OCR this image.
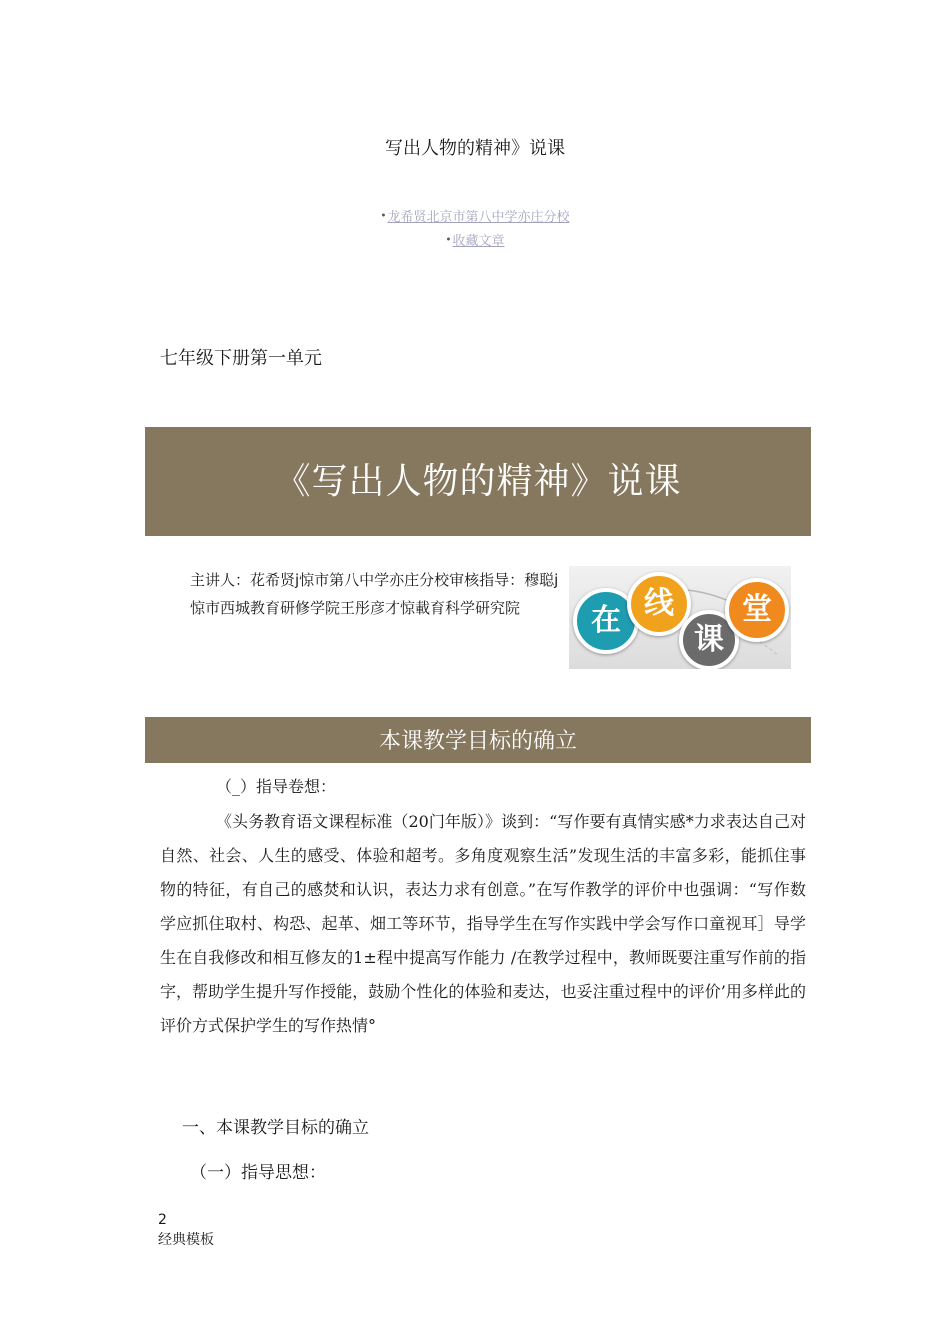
写出人物的精神》说课
•龙希贤北京市第八中学亦庄分校
•收藏文章
七年级下册第一单元
《写出人物的精神》说课
主讲人：花希贤j惊市第八中学亦庄分校审核指导：穆聪j惊市西城教育研修学院王彤彦才惊載育科学研究院	在 线
课
堂
本课教学目标的确立
（_）指导卷想：

《头务教育语文课程标准（20门年版）》谈到：“写作要有真情实感*力求表达自己对自然、社会、人生的感受、体验和超考。多角度观察生活”发现生活的丰富多彩，能抓住事物的特征，有自己的感焚和认识，表达力求有创意。”在写作教学的评价中也强调：“写作数学应抓住取村、构恐、起革、畑工等环节，指导学生在写作实践中学会写作口童视耳］导学生在自我修改和相互修友的1±程中提高写作能力 /在教学过程中，教师既要注重写作前的指字，帮助学生提升写作授能，鼓励个性化的体验和麦达，也妥注重过程中的评价’用多样此的评价方式保护学生的写作热情°

一、本课教学目标的确立
（一）指导思想：
2
经典模板
